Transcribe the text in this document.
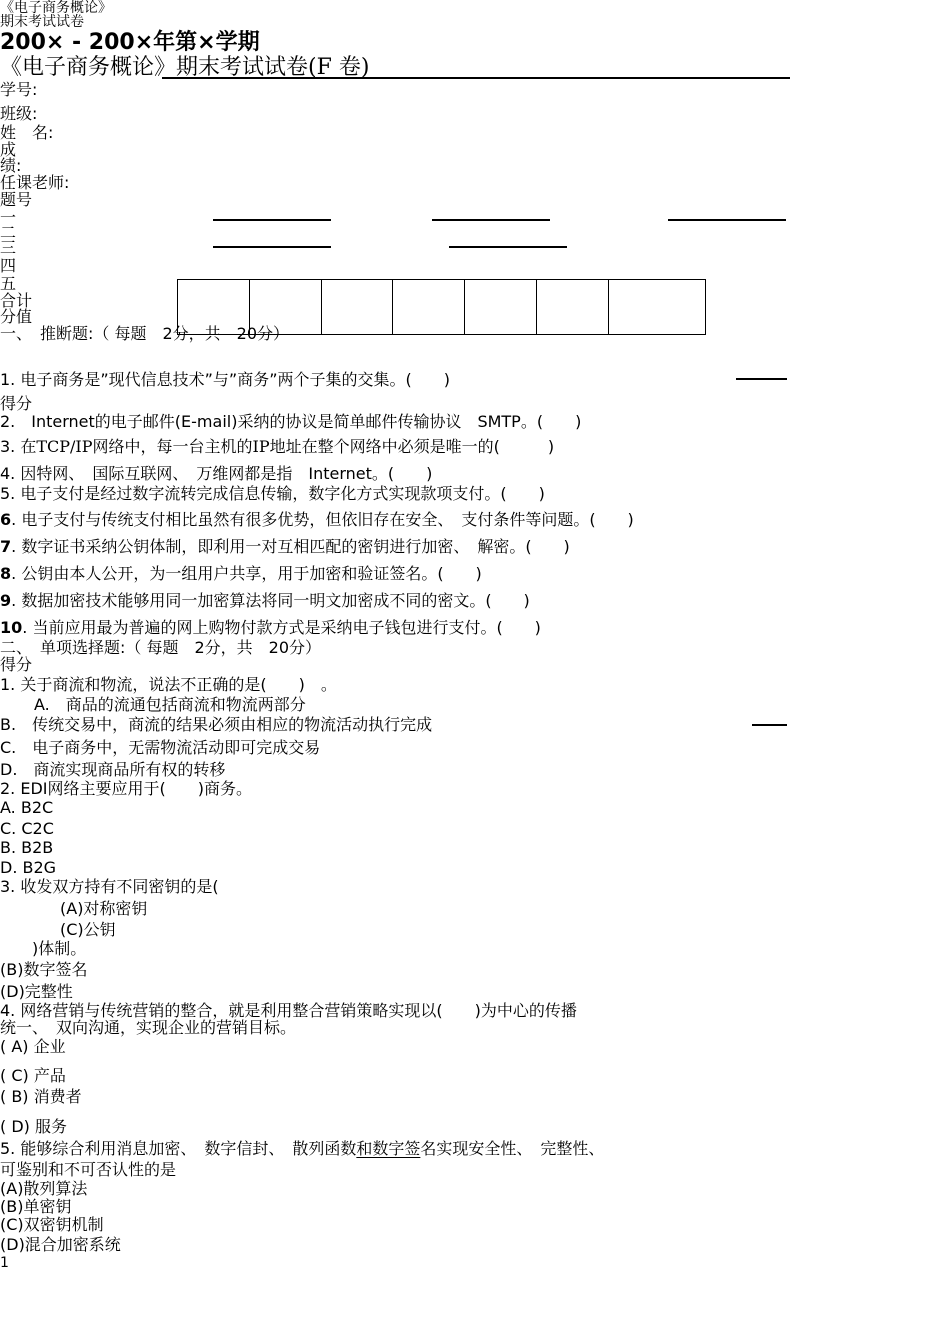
《电子商务概论》
期末考试试卷
200× - 200×年第×学期
《电子商务概论》期末考试试卷(F 卷)
学号:
班级:
姓　名:
成
绩:
任课老师:
题号
一
二
三
四
五
合计
分值

一、　推断题:（ 每题　2分，共　20分）
1. 电子商务是”现代信息技术”与”商务”两个子集的交集。(　　)
得分
2.　Internet的电子邮件(E-mail)采纳的协议是简单邮件传输协议　SMTP。(　　)
3. 在TCP/IP网络中，每一台主机的IP地址在整个网络中必须是唯一的(　　　)
4. 因特网、　国际互联网、　万维网都是指　Internet。(　　)
5. 电子支付是经过数字流转完成信息传输，数字化方式实现款项支付。(　　)
6. 电子支付与传统支付相比虽然有很多优势，但依旧存在安全、　支付条件等问题。(　　)
7. 数字证书采纳公钥体制，即利用一对互相匹配的密钥进行加密、　解密。(　　)
8. 公钥由本人公开，为一组用户共享，用于加密和验证签名。(　　)
9. 数据加密技术能够用同一加密算法将同一明文加密成不同的密文。(　　)
10. 当前应用最为普遍的网上购物付款方式是采纳电子钱包进行支付。(　　)
二、　单项选择题:（ 每题　2分，共　20分）
得分
1. 关于商流和物流，说法不正确的是(　　)　。
A.　商品的流通包括商流和物流两部分
B.　传统交易中，商流的结果必须由相应的物流活动执行完成
C.　电子商务中，无需物流活动即可完成交易
D.　商流实现商品所有权的转移
2. EDI网络主要应用于(　　)商务。
A. B2C
C. C2C
B. B2B
D. B2G
3. 收发双方持有不同密钥的是(
(A)对称密钥
(C)公钥
)体制。
(B)数字签名
(D)完整性
4. 网络营销与传统营销的整合，就是利用整合营销策略实现以(　　)为中心的传播
统一、　双向沟通，实现企业的营销目标。
( A) 企业
( C) 产品
( B) 消费者
( D) 服务
5. 能够综合利用消息加密、　数字信封、　散列函数和数字签名实现安全性、　完整性、
可鉴别和不可否认性的是
(A)散列算法
(B)单密钥
(C)双密钥机制
(D)混合加密系统
1
